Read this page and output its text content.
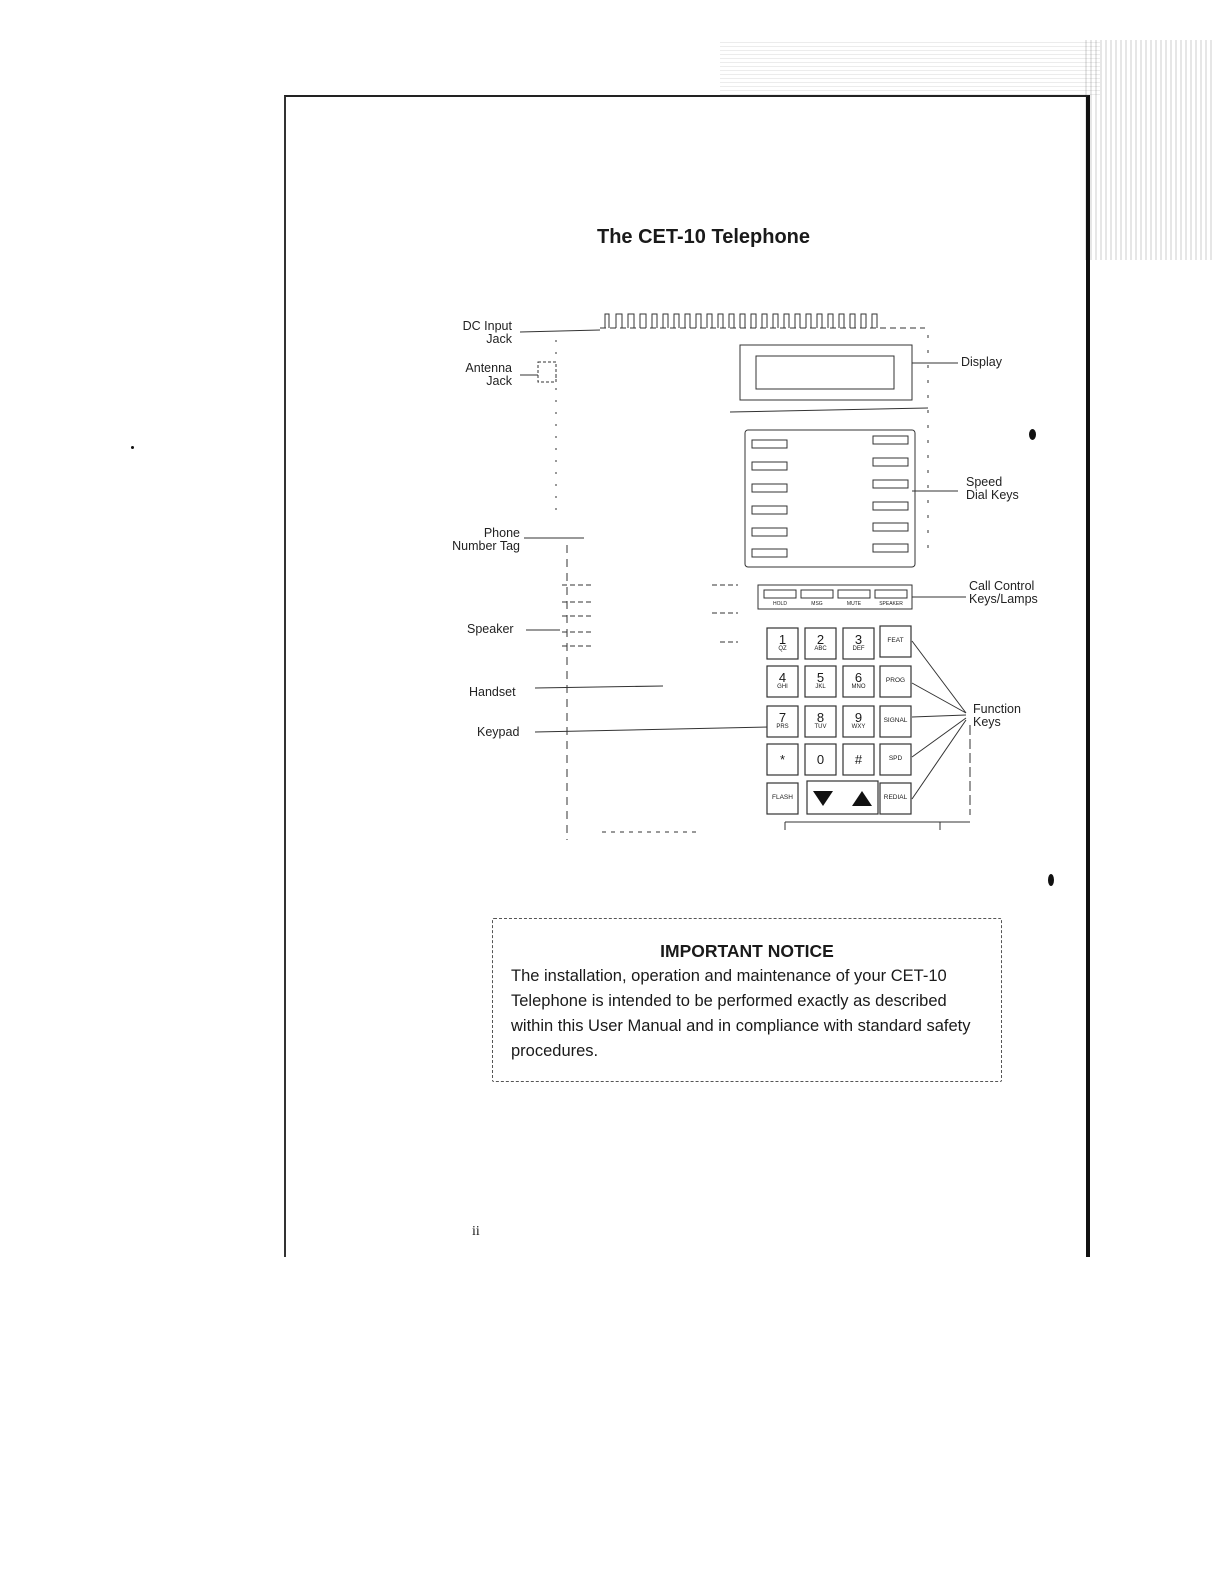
The CET-10 Telephone
DC Input
Jack
Antenna
Jack
Display
Speed
Dial Keys
Phone
Number Tag
Call Control
Keys/Lamps
Speaker
Handset
Keypad
Function
Keys
HOLD	MSG	MUTE	SPEAKER
1
QZ
2
ABC
3
DEF
4
GHI
5
JKL
6
MNO
7
PRS
8
TUV
9
WXY
*	0	#
FEAT
PROG
SIGNAL
SPD
REDIAL
FLASH
IMPORTANT NOTICE
The installation, operation and maintenance of your CET-10 Telephone is intended to be performed exactly as described within this User Manual and in compliance with standard safety procedures.
ii
